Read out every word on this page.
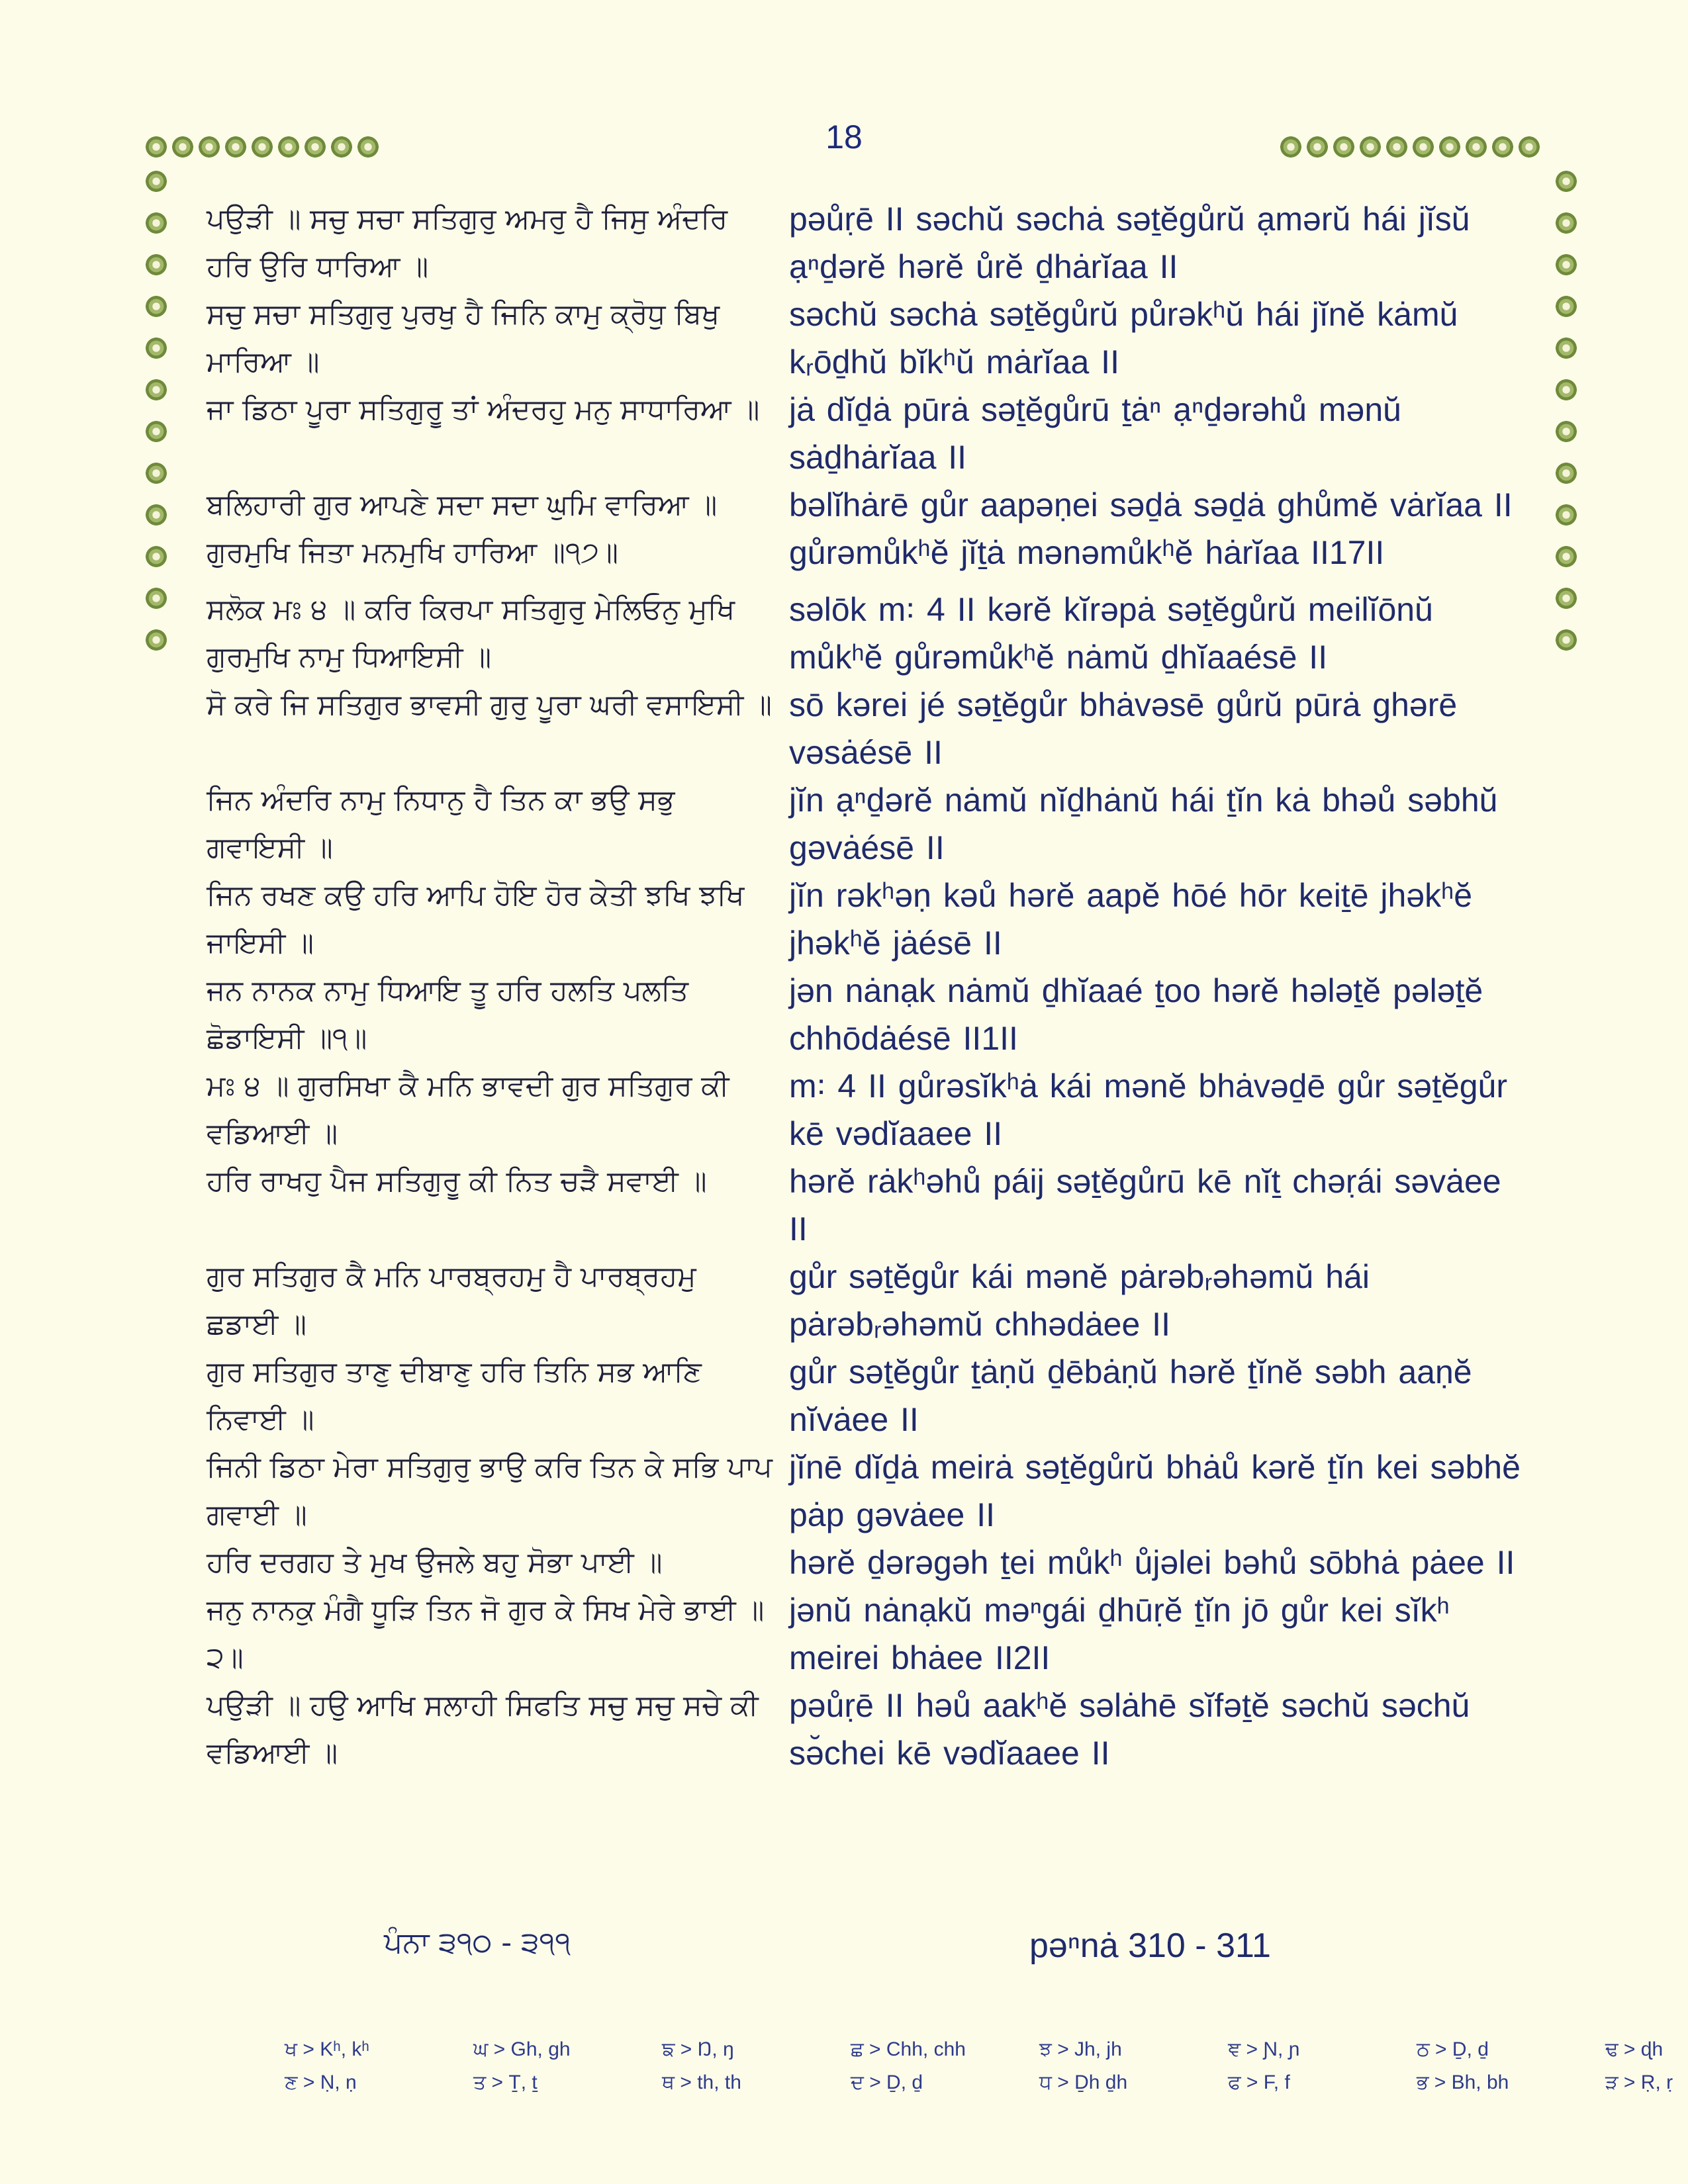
18
ਪਉੜੀ ॥ ਸਚੁ ਸਚਾ ਸਤਿਗੁਰੁ ਅਮਰੁ ਹੈ ਜਿਸੁ ਅੰਦਰਿ ਹਰਿ ਉਰਿ ਧਾਰਿਆ ॥
pəůṛē II səchŭ səchȧ səṯĕgůrŭ ạmərŭ hái jĭsŭ ạⁿḏərĕ hərĕ ůrĕ ḏhȧrĭaa II
ਸਚੁ ਸਚਾ ਸਤਿਗੁਰੁ ਪੁਰਖੁ ਹੈ ਜਿਨਿ ਕਾਮੁ ਕ੍ਰੋਧੁ ਬਿਖੁ ਮਾਰਿਆ ॥
səchŭ səchȧ səṯĕgůrŭ půrəkʰŭ hái jĭnĕ kȧmŭ kᵣōḏhŭ bĭkʰŭ mȧrĭaa II
ਜਾ ਡਿਠਾ ਪੂਰਾ ਸਤਿਗੁਰੂ ਤਾਂ ਅੰਦਰਹੁ ਮਨੁ ਸਾਧਾਰਿਆ ॥ jȧ dĭḏȧ pūrȧ səṯĕgůrū ṯȧⁿ ạⁿḏərəhů mənŭ sȧḏhȧrĭaa II
ਬਲਿਹਾਰੀ ਗੁਰ ਆਪਣੇ ਸਦਾ ਸਦਾ ਘੁਮਿ ਵਾਰਿਆ ॥	bəlĭhȧrē gůr aapəṇei səḏȧ səḏȧ ghůmĕ vȧrĭaa II
ਗੁਰਮੁਖਿ ਜਿਤਾ ਮਨਮੁਖਿ ਹਾਰਿਆ ॥੧੭॥	gůrəmůkʰĕ jĭṯȧ mənəmůkʰĕ hȧrĭaa II17II
ਸਲੋਕ ਮਃ ੪ ॥ ਕਰਿ ਕਿਰਪਾ ਸਤਿਗੁਰੁ ਮੇਲਿਓਨੁ ਮੁਖਿ ਗੁਰਮੁਖਿ ਨਾਮੁ ਧਿਆਇਸੀ ॥
səlōk m꞉ 4 II kərĕ kĭrəpȧ səṯĕgůrŭ meilĭōnŭ můkʰĕ gůrəmůkʰĕ nȧmŭ ḏhĭaaésē II
ਸੋ ਕਰੇ ਜਿ ਸਤਿਗੁਰ ਭਾਵਸੀ ਗੁਰੁ ਪੂਰਾ ਘਰੀ ਵਸਾਇਸੀ ॥ sō kərei jé səṯĕgůr bhȧvəsē gůrŭ pūrȧ ghərē vəsȧésē II
ਜਿਨ ਅੰਦਰਿ ਨਾਮੁ ਨਿਧਾਨੁ ਹੈ ਤਿਨ ਕਾ ਭਉ ਸਭੁ ਗਵਾਇਸੀ ॥
jĭn ạⁿḏərĕ nȧmŭ nĭḏhȧnŭ hái ṯĭn kȧ bhəů səbhŭ gəvȧésē II
ਜਿਨ ਰਖਣ ਕਉ ਹਰਿ ਆਪਿ ਹੋਇ ਹੋਰ ਕੇਤੀ ਝਖਿ ਝਖਿ ਜਾਇਸੀ ॥
jĭn rəkʰəṇ kəů hərĕ aapĕ hōé hōr keiṯē jhəkʰĕ jhəkʰĕ jȧésē II
ਜਨ ਨਾਨਕ ਨਾਮੁ ਧਿਆਇ ਤੂ ਹਰਿ ਹਲਤਿ ਪਲਤਿ ਛੋਡਾਇਸੀ ॥੧॥
jən nȧnạk nȧmŭ ḏhĭaaé ṯoo hərĕ hələṯĕ pələṯĕ chhōdȧésē II1II
ਮਃ ੪ ॥ ਗੁਰਸਿਖਾ ਕੈ ਮਨਿ ਭਾਵਦੀ ਗੁਰ ਸਤਿਗੁਰ ਕੀ ਵਡਿਆਈ ॥
m꞉ 4 II gůrəsĭkʰȧ kái mənĕ bhȧvəḏē gůr səṯĕgůr kē vədĭaaee II
ਹਰਿ ਰਾਖਹੁ ਪੈਜ ਸਤਿਗੁਰੂ ਕੀ ਨਿਤ ਚੜੈ ਸਵਾਈ ॥	hərĕ rȧkʰəhů páij səṯĕgůrū kē nĭṯ chəṛái səvȧee II
ਗੁਰ ਸਤਿਗੁਰ ਕੈ ਮਨਿ ਪਾਰਬ੍ਰਹਮੁ ਹੈ ਪਾਰਬ੍ਰਹਮੁ ਛਡਾਈ ॥
gůr səṯĕgůr kái mənĕ pȧrəbᵣəhəmŭ hái pȧrəbᵣəhəmŭ chhədȧee II
ਗੁਰ ਸਤਿਗੁਰ ਤਾਣੁ ਦੀਬਾਣੁ ਹਰਿ ਤਿਨਿ ਸਭ ਆਣਿ ਨਿਵਾਈ ॥
gůr səṯĕgůr ṯȧṇŭ ḏēbȧṇŭ hərĕ ṯĭnĕ səbh aaṇĕ nĭvȧee II
ਜਿਨੀ ਡਿਠਾ ਮੇਰਾ ਸਤਿਗੁਰੁ ਭਾਉ ਕਰਿ ਤਿਨ ਕੇ ਸਭਿ ਪਾਪ ਗਵਾਈ ॥
jĭnē dĭḏȧ meirȧ səṯĕgůrŭ bhȧů kərĕ ṯĭn kei səbhĕ pȧp gəvȧee II
ਹਰਿ ਦਰਗਹ ਤੇ ਮੁਖ ਉਜਲੇ ਬਹੁ ਸੋਭਾ ਪਾਈ ॥	hərĕ ḏərəgəh ṯei můkʰ ůjəlei bəhů sōbhȧ pȧee II
ਜਨੁ ਨਾਨਕੁ ਮੰਗੈ ਧੂੜਿ ਤਿਨ ਜੋ ਗੁਰ ਕੇ ਸਿਖ ਮੇਰੇ ਭਾਈ ॥੨॥
jənŭ nȧnạkŭ məⁿgái ḏhūṛĕ ṯĭn jō gůr kei sĭkʰ meirei bhȧee II2II
ਪਉੜੀ ॥ ਹਉ ਆਖਿ ਸਲਾਹੀ ਸਿਫਤਿ ਸਚੁ ਸਚੁ ਸਚੇ ਕੀ ਵਡਿਆਈ ॥
pəůṛē II həů aakʰĕ səlȧhē sĭfəṯĕ səchŭ səchŭ sə̆chei kē vədĭaaee II
ਪੰਨਾ ੩੧੦ - ੩੧੧	pəⁿnȧ 310 - 311
ਖ > Kʰ, kʰ	ਘ > Gh, gh	ਙ > Ŋ, ŋ	ਛ > Chh, chh	ਝ > Jh, jh	ਞ > Ɲ, ɲ	ਠ > Ḏ, ḏ	ਢ > ɖh
ਣ > Ṇ, ṇ	ਤ > Ṯ, ṯ	ਥ > th, th	ਦ > Ḏ, ḏ	ਧ > Ḏh ḏh	ਫ > F, f	ਭ > Bh, bh	ੜ > Ṛ, ṛ
